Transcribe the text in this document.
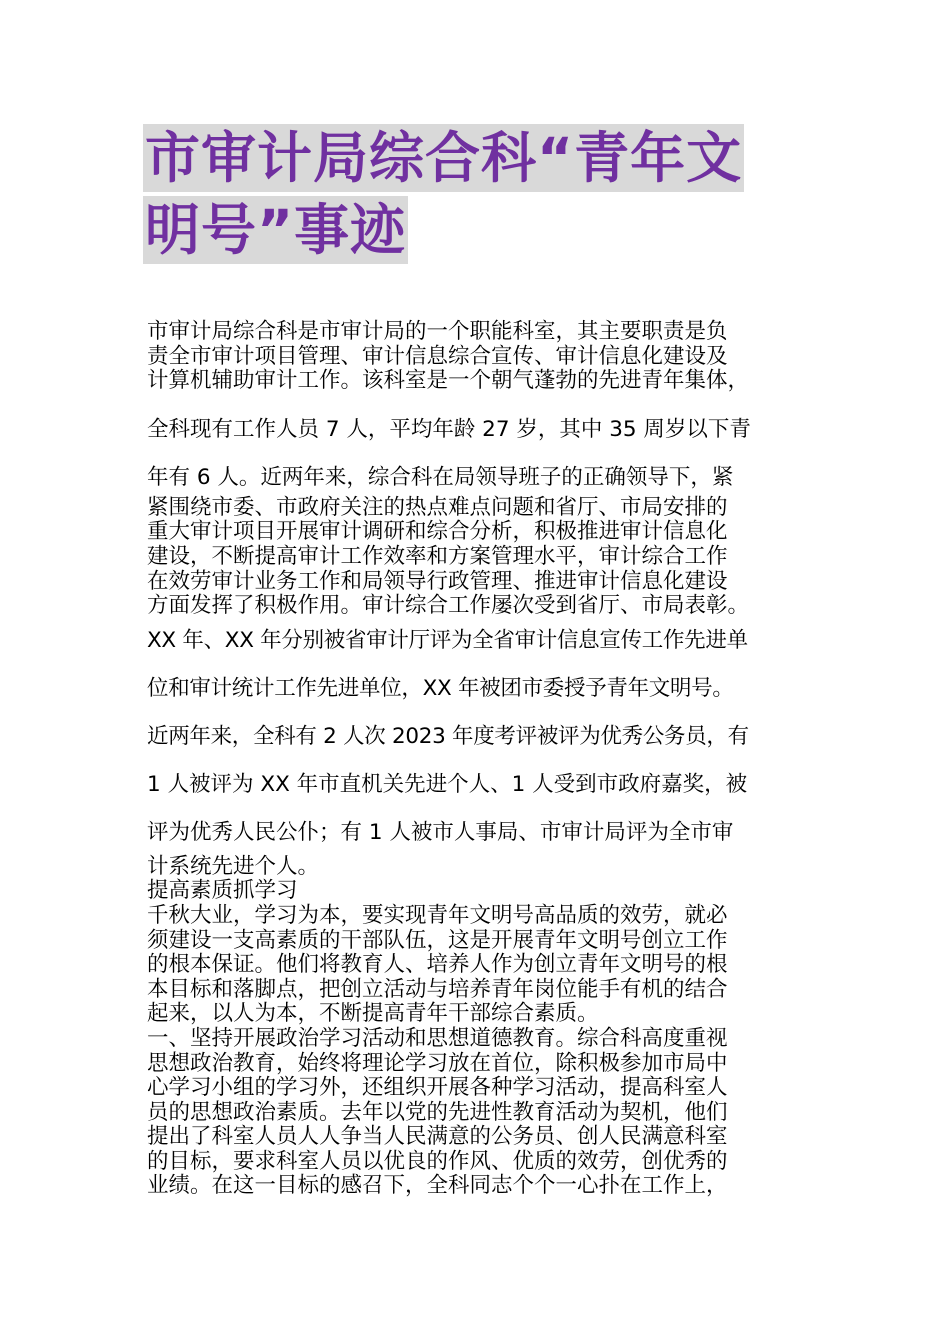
市审计局综合科“青年文
明号”事迹
市审计局综合科是市审计局的一个职能科室，其主要职责是负
责全市审计项目管理、审计信息综合宣传、审计信息化建设及
计算机辅助审计工作。该科室是一个朝气蓬勃的先进青年集体，
全科现有工作人员 7 人，平均年龄 27 岁，其中 35 周岁以下青
年有 6 人。近两年来，综合科在局领导班子的正确领导下，紧
紧围绕市委、市政府关注的热点难点问题和省厅、市局安排的
重大审计项目开展审计调研和综合分析，积极推进审计信息化
建设，不断提高审计工作效率和方案管理水平，审计综合工作
在效劳审计业务工作和局领导行政管理、推进审计信息化建设
方面发挥了积极作用。审计综合工作屡次受到省厅、市局表彰。
XX 年、XX 年分别被省审计厅评为全省审计信息宣传工作先进单
位和审计统计工作先进单位，XX 年被团市委授予青年文明号。
近两年来，全科有 2 人次 2023 年度考评被评为优秀公务员，有
1 人被评为 XX 年市直机关先进个人、1 人受到市政府嘉奖，被
评为优秀人民公仆；有 1 人被市人事局、市审计局评为全市审
计系统先进个人。
提高素质抓学习
千秋大业，学习为本，要实现青年文明号高品质的效劳，就必
须建设一支高素质的干部队伍，这是开展青年文明号创立工作
的根本保证。他们将教育人、培养人作为创立青年文明号的根
本目标和落脚点，把创立活动与培养青年岗位能手有机的结合
起来，以人为本，不断提高青年干部综合素质。
一、坚持开展政治学习活动和思想道德教育。综合科高度重视
思想政治教育，始终将理论学习放在首位，除积极参加市局中
心学习小组的学习外，还组织开展各种学习活动，提高科室人
员的思想政治素质。去年以党的先进性教育活动为契机，他们
提出了科室人员人人争当人民满意的公务员、创人民满意科室
的目标，要求科室人员以优良的作风、优质的效劳，创优秀的
业绩。在这一目标的感召下，全科同志个个一心扑在工作上，
